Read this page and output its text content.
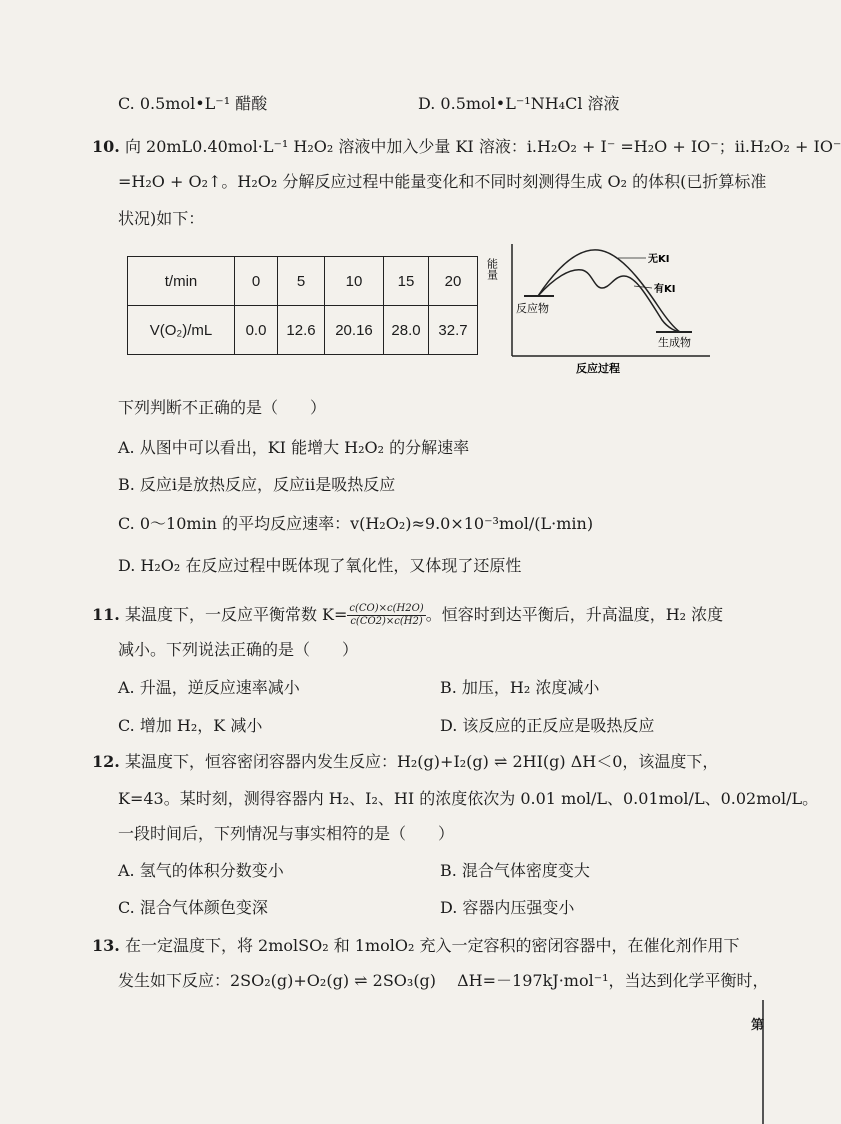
C. 0.5mol•L⁻¹ 醋酸	D. 0.5mol•L⁻¹NH₄Cl 溶液
10. 向 20mL0.40mol·L⁻¹ H₂O₂ 溶液中加入少量 KI 溶液：i.H₂O₂ + I⁻ =H₂O + IO⁻；ii.H₂O₂ + IO⁻
=H₂O + O₂↑。H₂O₂ 分解反应过程中能量变化和不同时刻测得生成 O₂ 的体积(已折算标准
状况)如下：
t/min	0	5	10	15	20
V(O₂)/mL	0.0	12.6	20.16	28.0	32.7
能量
反应过程
反应物
生成物
无KI
有KI
下列判断不正确的是（　　）
A. 从图中可以看出，KI 能增大 H₂O₂ 的分解速率
B. 反应i是放热反应，反应ii是吸热反应
C. 0～10min 的平均反应速率：v(H₂O₂)≈9.0×10⁻³mol/(L·min)
D. H₂O₂ 在反应过程中既体现了氧化性，又体现了还原性
11. 某温度下，一反应平衡常数 $K= \frac{c(CO)\times c(H2O)}{c(CO2)\times c(H2)}$ 。恒容时到达平衡后，升高温度，H₂ 浓度
减小。下列说法正确的是（　　）
A. 升温，逆反应速率减小	B. 加压，H₂ 浓度减小
C. 增加 H₂，K 减小	D. 该反应的正反应是吸热反应
12. 某温度下，恒容密闭容器内发生反应：H₂(g)+I₂(g) ⇌ 2HI(g) ΔH＜0，该温度下，
K=43。某时刻，测得容器内 H₂、I₂、HI 的浓度依次为 0.01 mol/L、0.01mol/L、0.02mol/L。
一段时间后，下列情况与事实相符的是（　　）
A. 氢气的体积分数变小	B. 混合气体密度变大
C. 混合气体颜色变深	D. 容器内压强变小
13. 在一定温度下，将 2molSO₂ 和 1molO₂ 充入一定容积的密闭容器中，在催化剂作用下
发生如下反应：2SO₂(g)+O₂(g) ⇌ 2SO₃(g)　 ΔH=－197kJ·mol⁻¹，当达到化学平衡时，
第
